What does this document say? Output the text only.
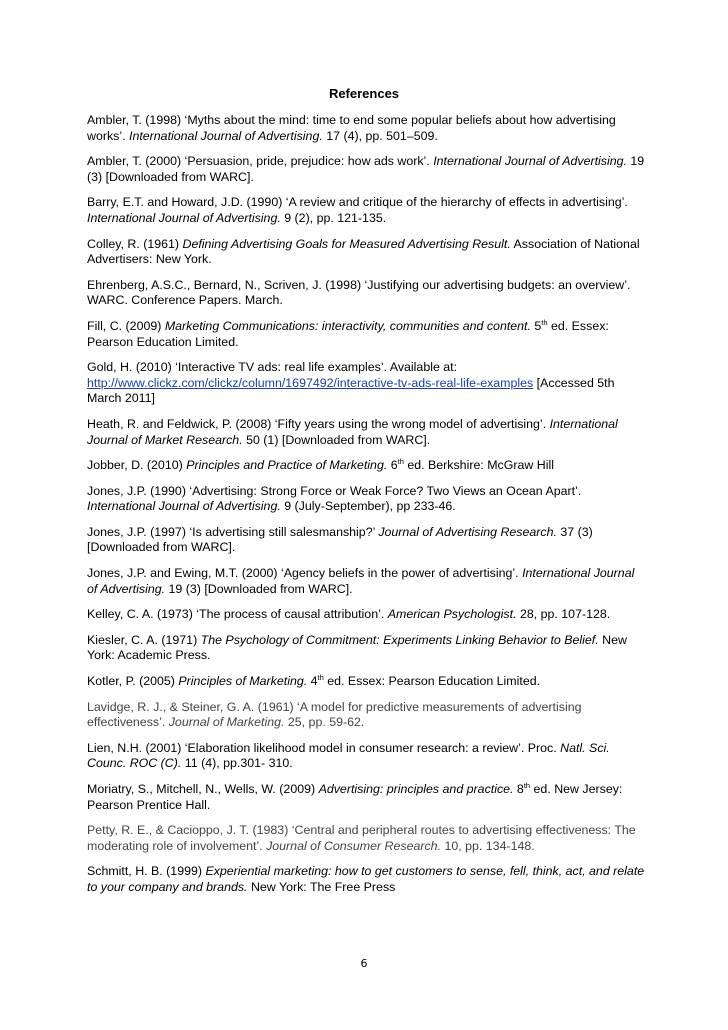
References

Ambler, T. (1998) ‘Myths about the mind: time to end some popular beliefs about how advertising works’. International Journal of Advertising. 17 (4), pp. 501–509.

Ambler, T. (2000) ‘Persuasion, pride, prejudice: how ads work’. International Journal of Advertising. 19 (3) [Downloaded from WARC].

Barry, E.T. and Howard, J.D. (1990) ‘A review and critique of the hierarchy of effects in advertising’. International Journal of Advertising. 9 (2), pp. 121-135.

Colley, R. (1961) Defining Advertising Goals for Measured Advertising Result. Association of National Advertisers: New York.

Ehrenberg, A.S.C., Bernard, N., Scriven, J. (1998) ‘Justifying our advertising budgets: an overview’. WARC. Conference Papers. March.

Fill, C. (2009) Marketing Communications: interactivity, communities and content. 5th ed. Essex: Pearson Education Limited.

Gold, H. (2010) ‘Interactive TV ads: real life examples’. Available at: http://www.clickz.com/clickz/column/1697492/interactive-tv-ads-real-life-examples [Accessed 5th March 2011]

Heath, R. and Feldwick, P. (2008) ‘Fifty years using the wrong model of advertising’. International Journal of Market Research. 50 (1) [Downloaded from WARC].

Jobber, D. (2010) Principles and Practice of Marketing. 6th ed. Berkshire: McGraw Hill

Jones, J.P. (1990) ‘Advertising: Strong Force or Weak Force? Two Views an Ocean Apart’. International Journal of Advertising. 9 (July-September), pp 233-46.

Jones, J.P. (1997) ‘Is advertising still salesmanship?’ Journal of Advertising Research. 37 (3) [Downloaded from WARC].

Jones, J.P. and Ewing, M.T. (2000) ‘Agency beliefs in the power of advertising’. International Journal of Advertising. 19 (3) [Downloaded from WARC].

Kelley, C. A. (1973) ‘The process of causal attribution’. American Psychologist. 28, pp. 107-128.

Kiesler, C. A. (1971) The Psychology of Commitment: Experiments Linking Behavior to Belief. New York: Academic Press.

Kotler, P. (2005) Principles of Marketing. 4th ed. Essex: Pearson Education Limited.

Lavidge, R. J., & Steiner, G. A. (1961) ‘A model for predictive measurements of advertising effectiveness’. Journal of Marketing. 25, pp. 59-62.

Lien, N.H. (2001) ‘Elaboration likelihood model in consumer research: a review’. Proc. Natl. Sci. Counc. ROC (C). 11 (4), pp.301- 310.

Moriatry, S., Mitchell, N., Wells, W. (2009) Advertising: principles and practice. 8th ed. New Jersey: Pearson Prentice Hall.

Petty, R. E., & Cacioppo, J. T. (1983) ‘Central and peripheral routes to advertising effectiveness: The moderating role of involvement’. Journal of Consumer Research. 10, pp. 134-148.

Schmitt, H. B. (1999) Experiential marketing: how to get customers to sense, fell, think, act, and relate to your company and brands. New York: The Free Press

6
